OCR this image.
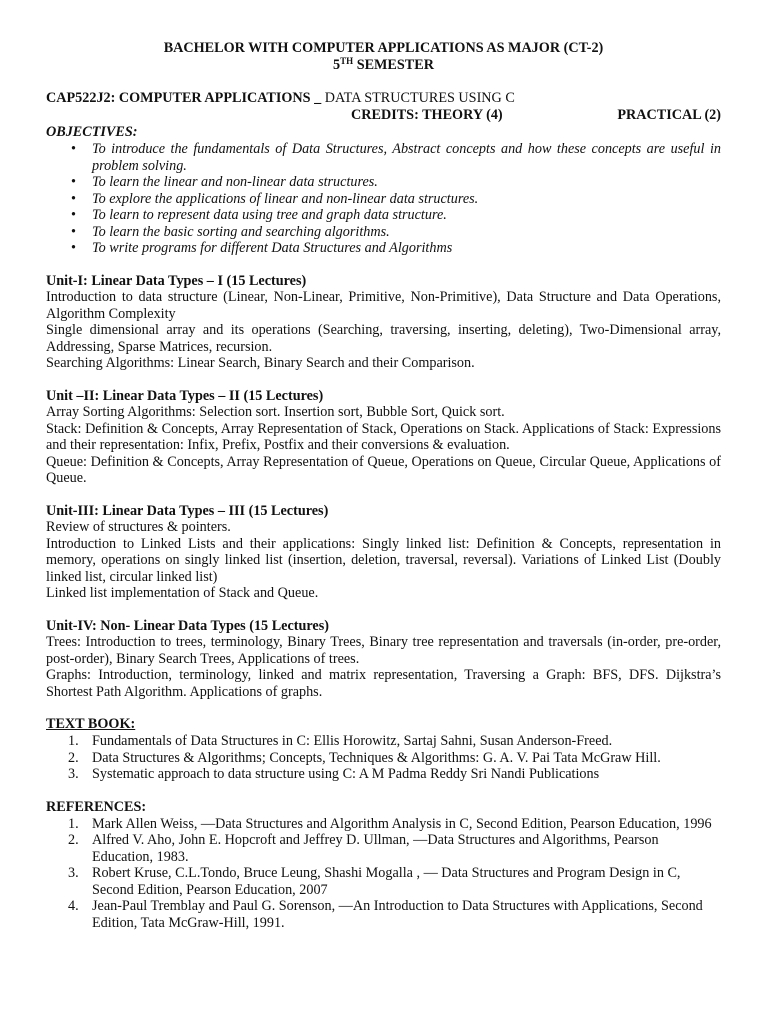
BACHELOR WITH COMPUTER APPLICATIONS AS MAJOR (CT-2)
5TH SEMESTER
CAP522J2: COMPUTER APPLICATIONS _ DATA STRUCTURES USING C
CREDITS: THEORY (4)	PRACTICAL (2)
OBJECTIVES:
• To introduce the fundamentals of Data Structures, Abstract concepts and how these concepts are useful in problem solving.
• To learn the linear and non-linear data structures.
• To explore the applications of linear and non-linear data structures.
• To learn to represent data using tree and graph data structure.
• To learn the basic sorting and searching algorithms.
• To write programs for different Data Structures and Algorithms
Unit-I: Linear Data Types – I (15 Lectures)

Introduction to data structure (Linear, Non-Linear, Primitive, Non-Primitive), Data Structure and Data Operations, Algorithm Complexity

Single dimensional array and its operations (Searching, traversing, inserting, deleting), Two-Dimensional array, Addressing, Sparse Matrices, recursion.

Searching Algorithms: Linear Search, Binary Search and their Comparison.

Unit –II: Linear Data Types – II (15 Lectures)

Array Sorting Algorithms: Selection sort. Insertion sort, Bubble Sort, Quick sort.

Stack: Definition & Concepts, Array Representation of Stack, Operations on Stack. Applications of Stack: Expressions and their representation: Infix, Prefix, Postfix and their conversions & evaluation.

Queue: Definition & Concepts, Array Representation of Queue, Operations on Queue, Circular Queue, Applications of Queue.

Unit-III: Linear Data Types – III (15 Lectures)

Review of structures & pointers.

Introduction to Linked Lists and their applications: Singly linked list: Definition & Concepts, representation in memory, operations on singly linked list (insertion, deletion, traversal, reversal). Variations of Linked List (Doubly linked list, circular linked list)

Linked list implementation of Stack and Queue.

Unit-IV: Non- Linear Data Types (15 Lectures)

Trees: Introduction to trees, terminology, Binary Trees, Binary tree representation and traversals (in-order, pre-order, post-order), Binary Search Trees, Applications of trees.

Graphs: Introduction, terminology, linked and matrix representation, Traversing a Graph: BFS, DFS. Dijkstra’s Shortest Path Algorithm. Applications of graphs.

TEXT BOOK:
1. Fundamentals of Data Structures in C: Ellis Horowitz, Sartaj Sahni, Susan Anderson-Freed.
2. Data Structures & Algorithms; Concepts, Techniques & Algorithms: G. A. V. Pai Tata McGraw Hill.
3. Systematic approach to data structure using C: A M Padma Reddy Sri Nandi Publications
REFERENCES:
1. Mark Allen Weiss, —Data Structures and Algorithm Analysis in C, Second Edition, Pearson Education, 1996
2. Alfred V. Aho, John E. Hopcroft and Jeffrey D. Ullman, —Data Structures and Algorithms, Pearson Education, 1983.
3. Robert Kruse, C.L.Tondo, Bruce Leung, Shashi Mogalla , — Data Structures and Program Design in C, Second Edition, Pearson Education, 2007
4. Jean-Paul Tremblay and Paul G. Sorenson, —An Introduction to Data Structures with Applications, Second Edition, Tata McGraw-Hill, 1991.
